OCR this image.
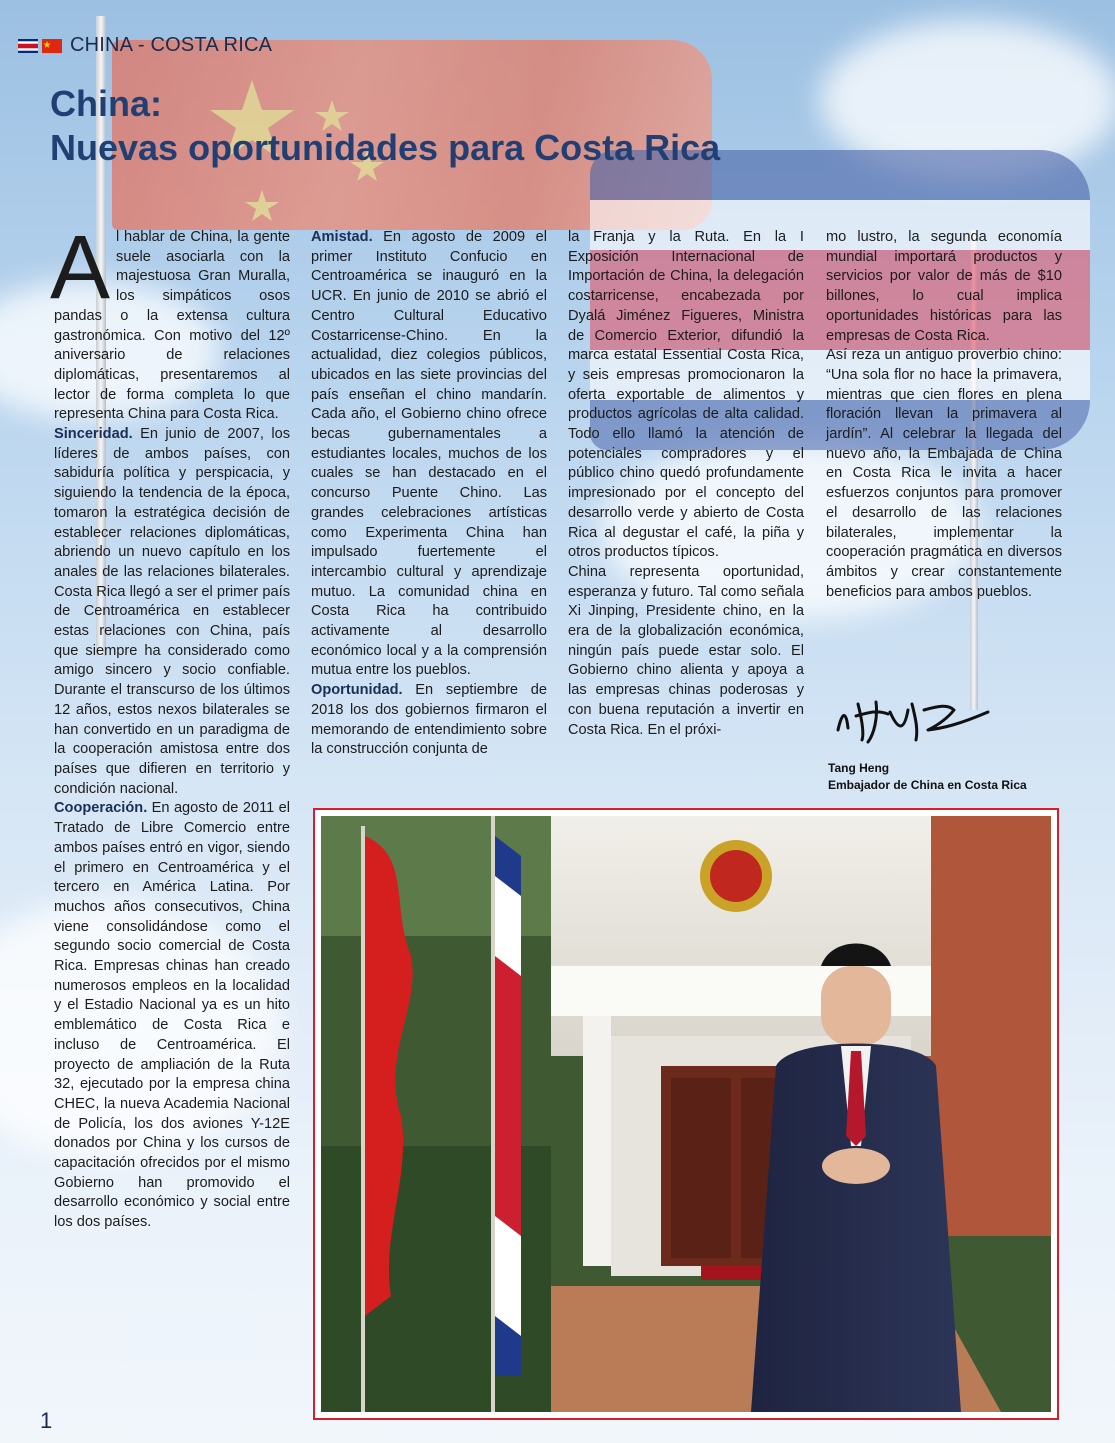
CHINA - COSTA RICA
China:
Nuevas oportunidades para Costa Rica

Al hablar de China, la gente suele asociarla con la majestuosa Gran Muralla, los simpáticos osos pandas o la extensa cultura gastronómica. Con motivo del 12º aniversario de relaciones diplomáticas, presentaremos al lector de forma completa lo que representa China para Costa Rica.

Sinceridad. En junio de 2007, los líderes de ambos países, con sabiduría política y perspicacia, y siguiendo la tendencia de la época, tomaron la estratégica decisión de establecer relaciones diplomáticas, abriendo un nuevo capítulo en los anales de las relaciones bilaterales. Costa Rica llegó a ser el primer país de Centroamérica en establecer estas relaciones con China, país que siempre ha considerado como amigo sincero y socio confiable. Durante el transcurso de los últimos 12 años, estos nexos bilaterales se han convertido en un paradigma de la cooperación amistosa entre dos países que difieren en territorio y condición nacional.

Cooperación. En agosto de 2011 el Tratado de Libre Comercio entre ambos países entró en vigor, siendo el primero en Centroamérica y el tercero en América Latina. Por muchos años consecutivos, China viene consolidándose como el segundo socio comercial de Costa Rica. Empresas chinas han creado numerosos empleos en la localidad y el Estadio Nacional ya es un hito emblemático de Costa Rica e incluso de Centroamérica. El proyecto de ampliación de la Ruta 32, ejecutado por la empresa china CHEC, la nueva Academia Nacional de Policía, los dos aviones Y-12E donados por China y los cursos de capacitación ofrecidos por el mismo Gobierno han promovido el desarrollo económico y social entre los dos países.

Amistad. En agosto de 2009 el primer Instituto Confucio en Centroamérica se inauguró en la UCR. En junio de 2010 se abrió el Centro Cultural Educativo Costarricense-Chino. En la actualidad, diez colegios públicos, ubicados en las siete provincias del país enseñan el chino mandarín. Cada año, el Gobierno chino ofrece becas gubernamentales a estudiantes locales, muchos de los cuales se han destacado en el concurso Puente Chino. Las grandes celebraciones artísticas como Experimenta China han impulsado fuertemente el intercambio cultural y aprendizaje mutuo. La comunidad china en Costa Rica ha contribuido activamente al desarrollo económico local y a la comprensión mutua entre los pueblos.

Oportunidad. En septiembre de 2018 los dos gobiernos firmaron el memorando de entendimiento sobre la construcción conjunta de

la Franja y la Ruta. En la I Exposición Internacional de Importación de China, la delegación costarricense, encabezada por Dyalá Jiménez Figueres, Ministra de Comercio Exterior, difundió la marca estatal Essential Costa Rica, y seis empresas promocionaron la oferta exportable de alimentos y productos agrícolas de alta calidad. Todo ello llamó la atención de potenciales compradores y el público chino quedó profundamente impresionado por el concepto del desarrollo verde y abierto de Costa Rica al degustar el café, la piña y otros productos típicos.

China representa oportunidad, esperanza y futuro. Tal como señala Xi Jinping, Presidente chino, en la era de la globalización económica, ningún país puede estar solo. El Gobierno chino alienta y apoya a las empresas chinas poderosas y con buena reputación a invertir en Costa Rica. En el próxi-

mo lustro, la segunda economía mundial importará productos y servicios por valor de más de $10 billones, lo cual implica oportunidades históricas para las empresas de Costa Rica.

Así reza un antiguo proverbio chino: “Una sola flor no hace la primavera, mientras que cien flores en plena floración llevan la primavera al jardín”. Al celebrar la llegada del nuevo año, la Embajada de China en Costa Rica le invita a hacer esfuerzos conjuntos para promover el desarrollo de las relaciones bilaterales, implementar la cooperación pragmática en diversos ámbitos y crear constantemente beneficios para ambos pueblos.

Tang Heng
Embajador de China en Costa Rica
1
